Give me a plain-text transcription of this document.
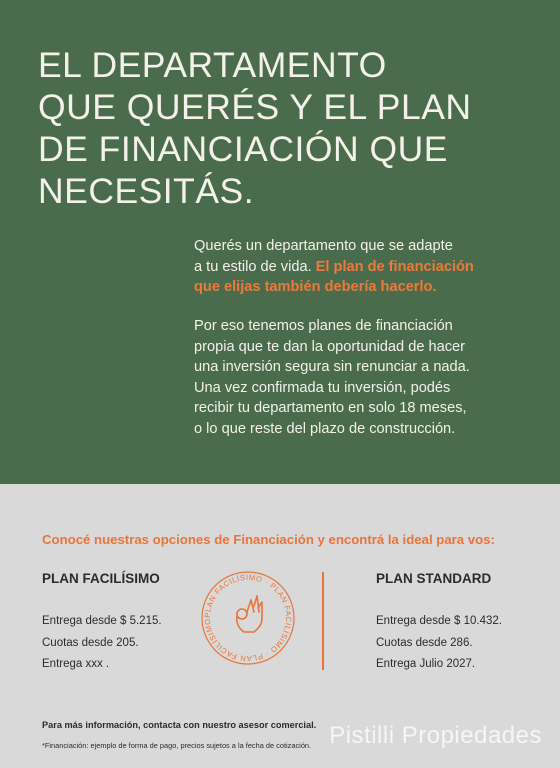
EL DEPARTAMENTO
QUE QUERÉS Y EL PLAN
DE FINANCIACIÓN QUE
NECESITÁS.
Querés un departamento que se adapte
a tu estilo de vida. El plan de financiación
que elijas también debería hacerlo.
Por eso tenemos planes de financiación
propia que te dan la oportunidad de hacer
una inversión segura sin renunciar a nada.
Una vez confirmada tu inversión, podés
recibir tu departamento en solo 18 meses,
o lo que reste del plazo de construcción.
Conocé nuestras opciones de Financiación y encontrá la ideal para vos:
PLAN FACILÍSIMO
Entrega desde $ 5.215.
Cuotas desde 205.
Entrega xxx .
PLAN FACILÍSIMO · PLAN FACILÍSIMO · PLAN FACILÍSIMO
PLAN STANDARD
Entrega desde $ 10.432.
Cuotas desde 286.
Entrega Julio 2027.
Para más información, contacta con nuestro asesor comercial.
*Financiación: ejemplo de forma de pago, precios sujetos a la fecha de cotización. Pistilli Propiedades
